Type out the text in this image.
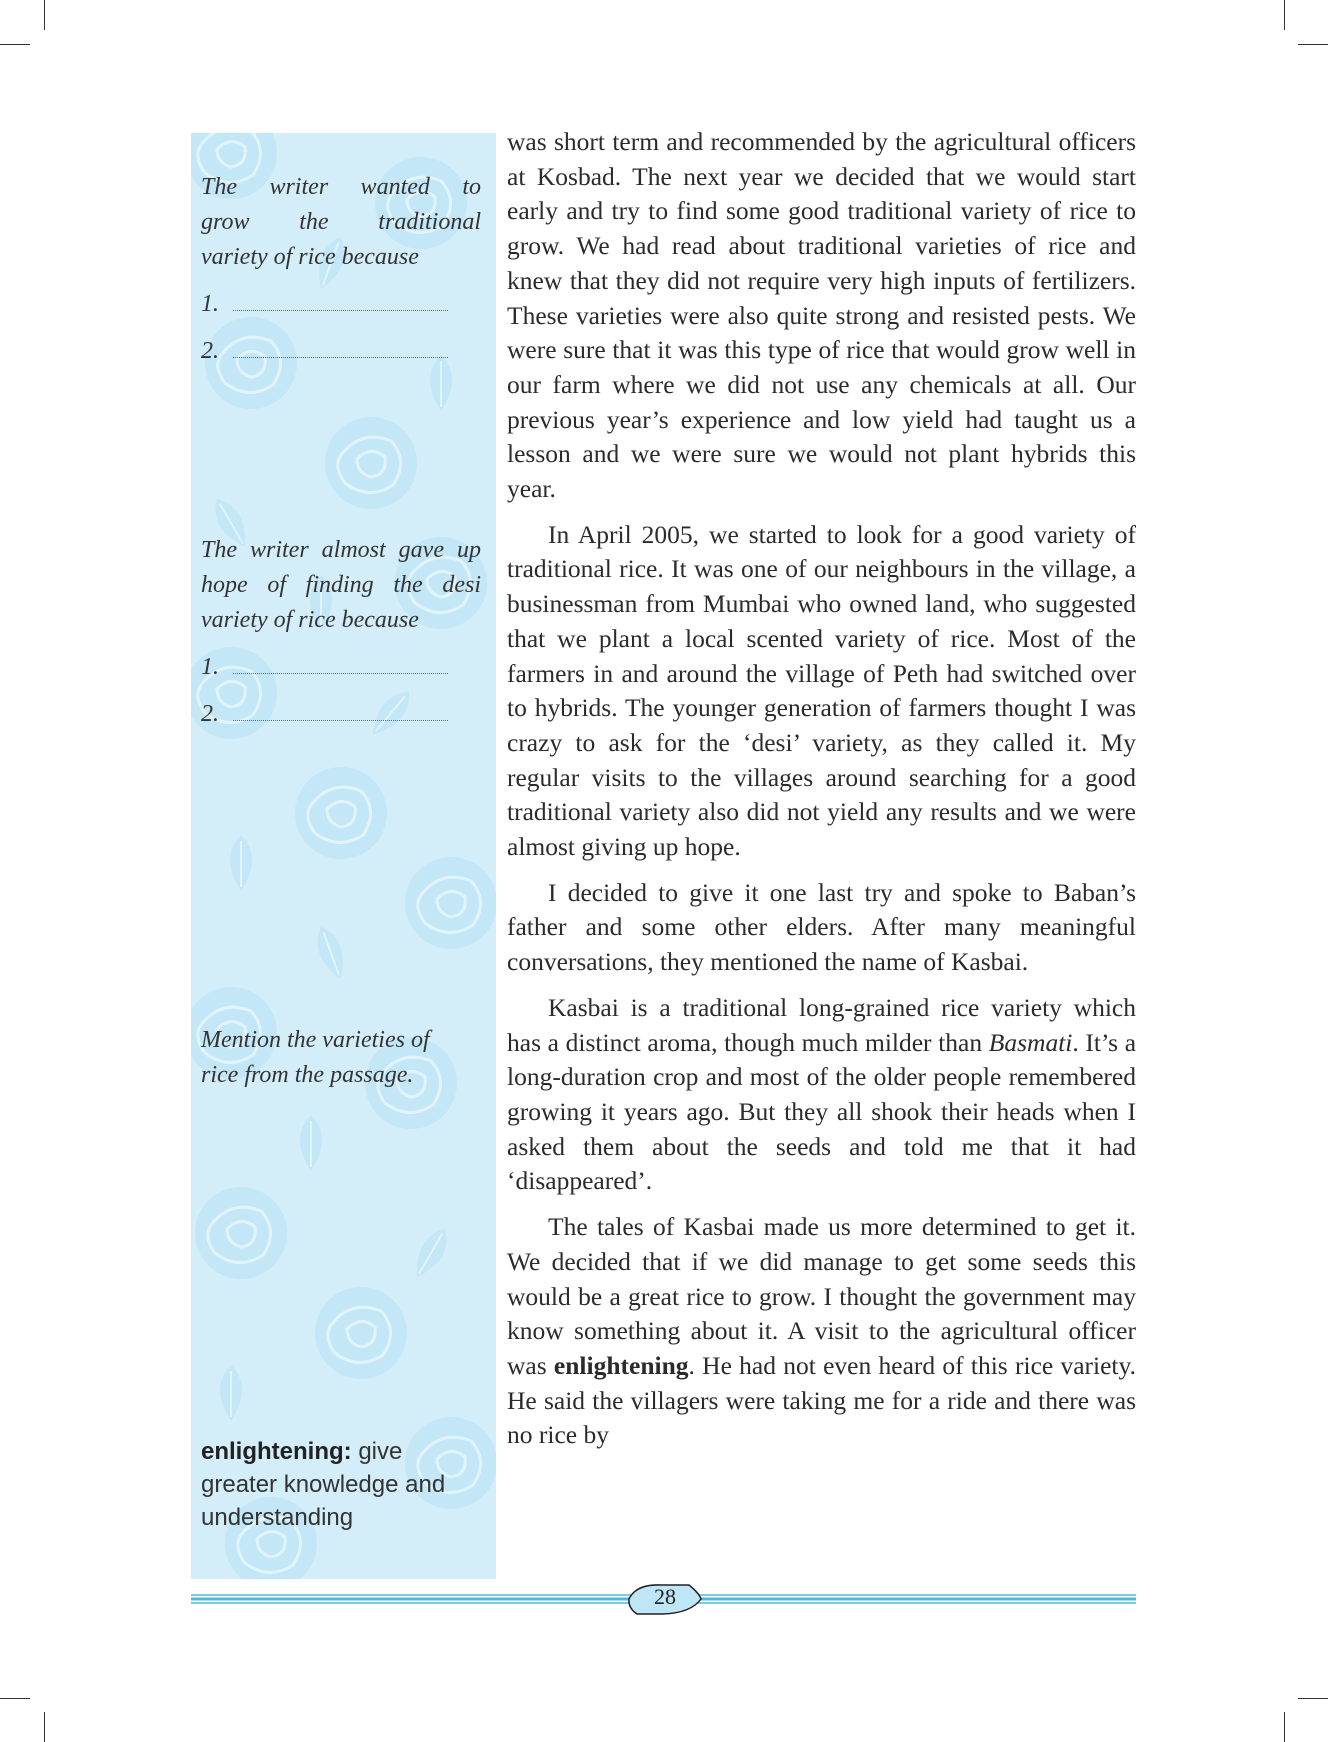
The writer wanted to
grow the traditional
variety of rice because
1.
2.
The writer almost gave up
hope of finding the desi
variety of rice because
1.
2.
Mention the varieties of
rice from the passage.
enlightening: give greater knowledge and understanding

was short term and recommended by the agricultural officers at Kosbad. The next year we decided that we would start early and try to find some good traditional variety of rice to grow. We had read about traditional varieties of rice and knew that they did not require very high inputs of fertilizers. These varieties were also quite strong and resisted pests. We were sure that it was this type of rice that would grow well in our farm where we did not use any chemicals at all. Our previous year’s experience and low yield had taught us a lesson and we were sure we would not plant hybrids this year.

In April 2005, we started to look for a good variety of traditional rice. It was one of our neighbours in the village, a businessman from Mumbai who owned land, who suggested that we plant a local scented variety of rice. Most of the farmers in and around the village of Peth had switched over to hybrids. The younger generation of farmers thought I was crazy to ask for the ‘desi’ variety, as they called it. My regular visits to the villages around searching for a good traditional variety also did not yield any results and we were almost giving up hope.

I decided to give it one last try and spoke to Baban’s father and some other elders. After many meaningful conversations, they mentioned the name of Kasbai.

Kasbai is a traditional long-grained rice variety which has a distinct aroma, though much milder than Basmati. It’s a long-duration crop and most of the older people remembered growing it years ago. But they all shook their heads when I asked them about the seeds and told me that it had ‘disappeared’.

The tales of Kasbai made us more determined to get it. We decided that if we did manage to get some seeds this would be a great rice to grow. I thought the government may know something about it. A visit to the agricultural officer was enlightening. He had not even heard of this rice variety. He said the villagers were taking me for a ride and there was no rice by

28
